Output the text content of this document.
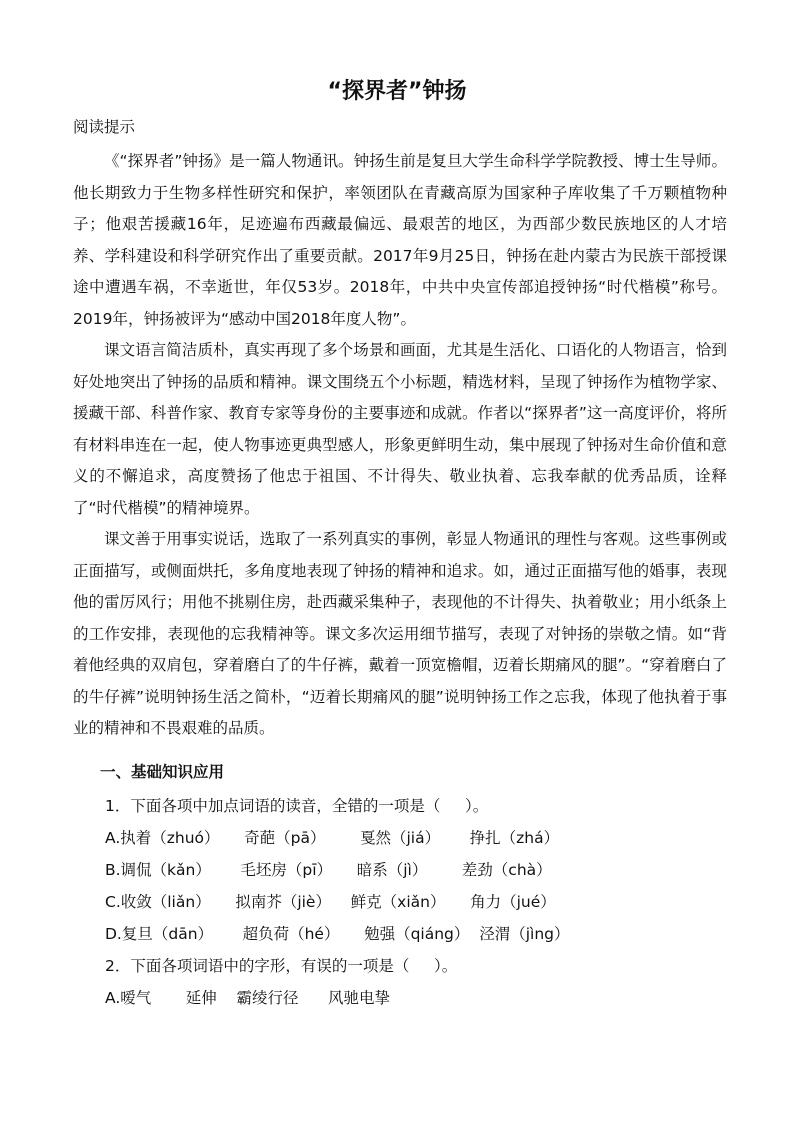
“探界者”钟扬
阅读提示

《“探界者”钟扬》是一篇人物通讯。钟扬生前是复旦大学生命科学学院教授、博士生导师。他长期致力于生物多样性研究和保护，率领团队在青藏高原为国家种子库收集了千万颗植物种子；他艰苦援藏16年，足迹遍布西藏最偏远、最艰苦的地区，为西部少数民族地区的人才培养、学科建设和科学研究作出了重要贡献。2017年9月25日，钟扬在赴内蒙古为民族干部授课途中遭遇车祸，不幸逝世，年仅53岁。2018年，中共中央宣传部追授钟扬“时代楷模”称号。2019年，钟扬被评为“感动中国2018年度人物”。

课文语言简洁质朴，真实再现了多个场景和画面，尤其是生活化、口语化的人物语言，恰到好处地突出了钟扬的品质和精神。课文围绕五个小标题，精选材料，呈现了钟扬作为植物学家、援藏干部、科普作家、教育专家等身份的主要事迹和成就。作者以“探界者”这一高度评价，将所有材料串连在一起，使人物事迹更典型感人，形象更鲜明生动，集中展现了钟扬对生命价值和意义的不懈追求，高度赞扬了他忠于祖国、不计得失、敬业执着、忘我奉献的优秀品质，诠释了“时代楷模”的精神境界。

课文善于用事实说话，选取了一系列真实的事例，彰显人物通讯的理性与客观。这些事例或正面描写，或侧面烘托，多角度地表现了钟扬的精神和追求。如，通过正面描写他的婚事，表现他的雷厉风行；用他不挑剔住房，赴西藏采集种子，表现他的不计得失、执着敬业；用小纸条上的工作安排，表现他的忘我精神等。课文多次运用细节描写，表现了对钟扬的崇敬之情。如“背着他经典的双肩包，穿着磨白了的牛仔裤，戴着一顶宽檐帽，迈着长期痛风的腿”。“穿着磨白了的牛仔裤”说明钟扬生活之简朴，“迈着长期痛风的腿”说明钟扬工作之忘我，体现了他执着于事业的精神和不畏艰难的品质。

一、基础知识应用
1．下面各项中加点词语的读音，全错的一项是（     ）。
A.执着（zhuó）     奇葩（pā）       戛然（jiá）      挣扎（zhá）
B.调侃（kǎn）      毛坯房（pī）     暗系（jì）       差劲（chà）
C.收敛（liǎn）     拟南芥（jiè）    鲜克（xiǎn）     角力（jué）
D.复旦（dān）      超负荷（hé）     勉强（qiáng）  泾渭（jìng）
2．下面各项词语中的字形，有误的一项是（     ）。
A.嗳气       延伸    霸绫行径      风驰电挚
